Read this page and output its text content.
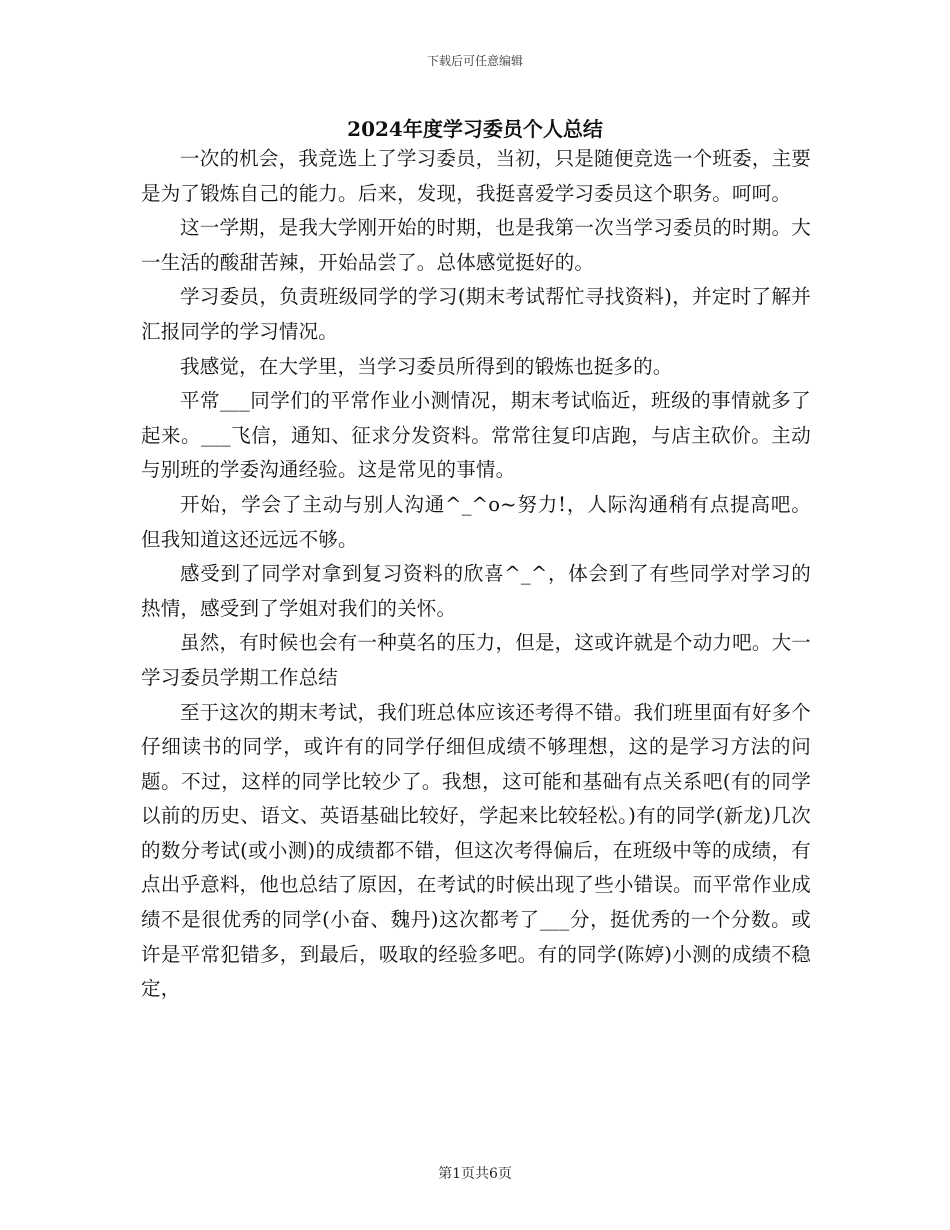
下载后可任意编辑
2024年度学习委员个人总结

一次的机会，我竞选上了学习委员，当初，只是随便竞选一个班委，主要是为了锻炼自己的能力。后来，发现，我挺喜爱学习委员这个职务。呵呵。

这一学期，是我大学刚开始的时期，也是我第一次当学习委员的时期。大一生活的酸甜苦辣，开始品尝了。总体感觉挺好的。

学习委员，负责班级同学的学习(期末考试帮忙寻找资料)，并定时了解并汇报同学的学习情况。

我感觉，在大学里，当学习委员所得到的锻炼也挺多的。

平常___同学们的平常作业小测情况，期末考试临近，班级的事情就多了起来。___飞信，通知、征求分发资料。常常往复印店跑，与店主砍价。主动与别班的学委沟通经验。这是常见的事情。

开始，学会了主动与别人沟通^_^o~努力!，人际沟通稍有点提高吧。但我知道这还远远不够。

感受到了同学对拿到复习资料的欣喜^_^，体会到了有些同学对学习的热情，感受到了学姐对我们的关怀。

虽然，有时候也会有一种莫名的压力，但是，这或许就是个动力吧。大一学习委员学期工作总结

至于这次的期末考试，我们班总体应该还考得不错。我们班里面有好多个仔细读书的同学，或许有的同学仔细但成绩不够理想，这的是学习方法的问题。不过，这样的同学比较少了。我想，这可能和基础有点关系吧(有的同学以前的历史、语文、英语基础比较好，学起来比较轻松。)有的同学(新龙)几次的数分考试(或小测)的成绩都不错，但这次考得偏后，在班级中等的成绩，有点出乎意料，他也总结了原因，在考试的时候出现了些小错误。而平常作业成绩不是很优秀的同学(小奋、魏丹)这次都考了___分，挺优秀的一个分数。或许是平常犯错多，到最后，吸取的经验多吧。有的同学(陈婷)小测的成绩不稳定，

第1页共6页
